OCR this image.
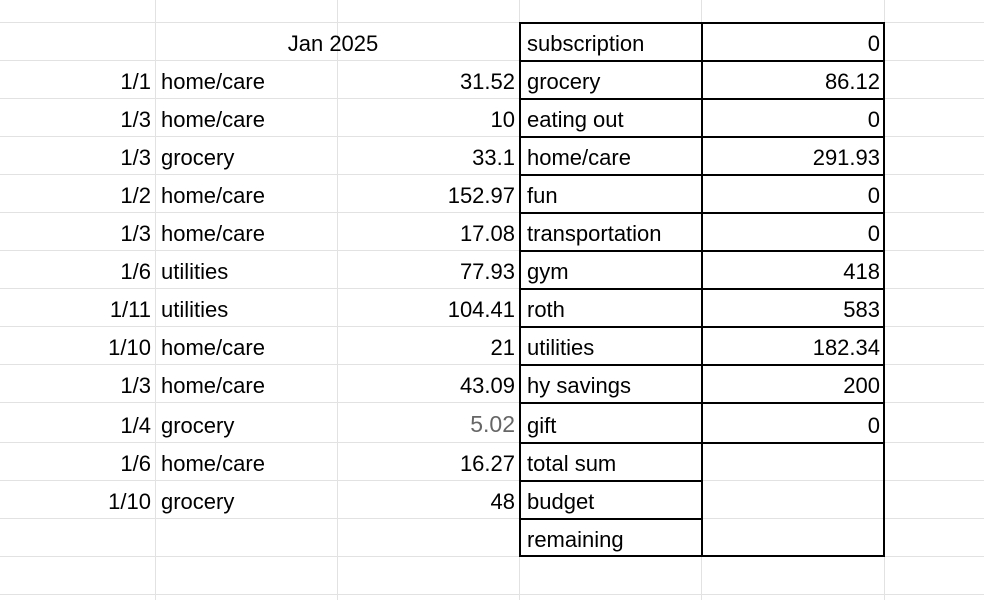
Jan 2025
1/1 home/care	31.52
1/3 home/care	10
1/3 grocery	33.1
1/2 home/care	152.97
1/3 home/care	17.08
1/6 utilities	77.93
1/11 utilities	104.41
1/10 home/care	21
1/3 home/care	43.09
1/4 grocery	5.02
1/6 home/care	16.27
1/10 grocery	48
subscription	0
grocery	86.12
eating out	0
home/care	291.93
fun	0
transportation	0
gym	418
roth	583
utilities	182.34
hy savings	200
gift	0
total sum
budget
remaining
